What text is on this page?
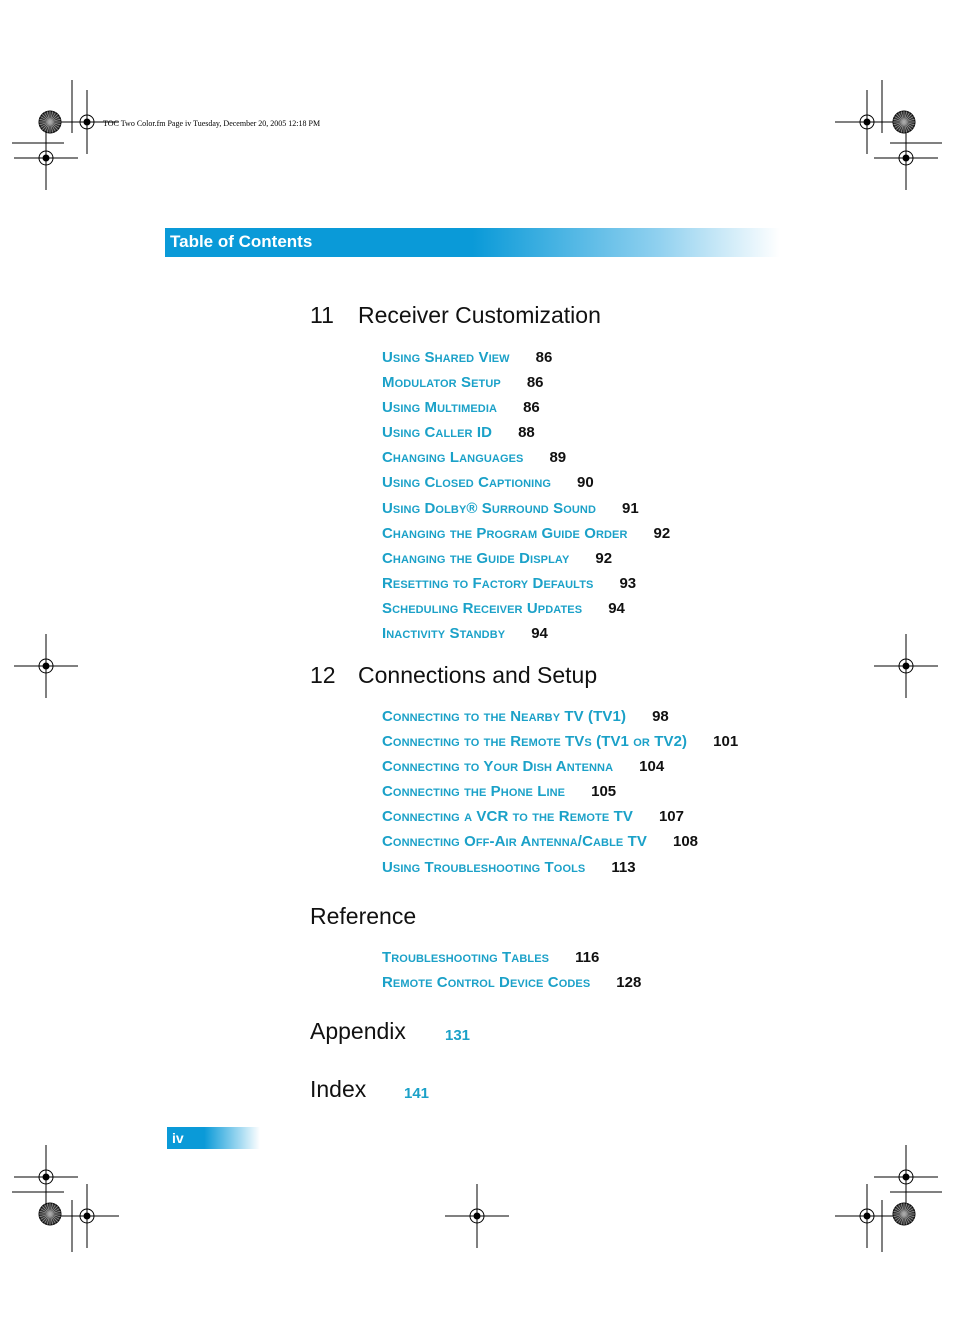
TOC Two Color.fm Page iv Tuesday, December 20, 2005 12:18 PM
Table of Contents
11 Receiver Customization
Using Shared View 86
Modulator Setup 86
Using Multimedia 86
Using Caller ID 88
Changing Languages 89
Using Closed Captioning 90
Using Dolby® Surround Sound 91
Changing the Program Guide Order 92
Changing the Guide Display 92
Resetting to Factory Defaults 93
Scheduling Receiver Updates 94
Inactivity Standby 94
12 Connections and Setup
Connecting to the Nearby TV (TV1) 98
Connecting to the Remote TVs (TV1 or TV2) 101
Connecting to Your Dish Antenna 104
Connecting the Phone Line 105
Connecting a VCR to the Remote TV 107
Connecting Off-Air Antenna/Cable TV 108
Using Troubleshooting Tools 113
Reference
Troubleshooting Tables 116
Remote Control Device Codes 128
Appendix	131
Index	141
iv
